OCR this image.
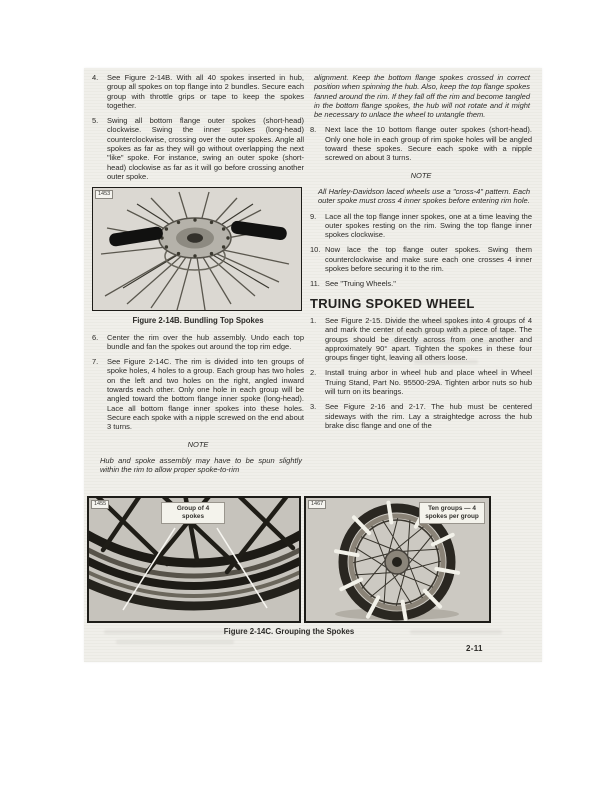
4.	See Figure 2-14B. With all 40 spokes inserted in hub, group all spokes on top flange into 2 bundles. Secure each group with throttle grips or tape to keep the spokes together.
5.	Swing all bottom flange outer spokes (short-head) clockwise. Swing the inner spokes (long-head) counterclockwise, crossing over the outer spokes. Angle all spokes as far as they will go without overlapping the next "like" spoke. For instance, swing an outer spoke (short-head) clockwise as far as it will go before crossing another outer spoke.
1453
Figure 2-14B. Bundling Top Spokes
6.	Center the rim over the hub assembly. Undo each top bundle and fan the spokes out around the top rim edge.
7.	See Figure 2-14C. The rim is divided into ten groups of spoke holes, 4 holes to a group. Each group has two holes on the left and two holes on the right, angled inward towards each other. Only one hole in each group will be angled toward the bottom flange inner spoke (long-head). Lace all bottom flange inner spokes into these holes. Secure each spoke with a nipple screwed on the end about 3 turns.
NOTE
Hub and spoke assembly may have to be spun slightly within the rim to allow proper spoke-to-rim
alignment. Keep the bottom flange spokes crossed in correct position when spinning the hub. Also, keep the top flange spokes fanned around the rim. If they fall off the rim and become tangled in the bottom flange spokes, the hub will not rotate and it might be necessary to unlace the wheel to untangle them.
8.	Next lace the 10 bottom flange outer spokes (short-head). Only one hole in each group of rim spoke holes will be angled toward these spokes. Secure each spoke with a nipple screwed on about 3 turns.
NOTE
All Harley-Davidson laced wheels use a "cross-4" pattern. Each outer spoke must cross 4 inner spokes before entering rim hole.
9.	Lace all the top flange inner spokes, one at a time leaving the outer spokes resting on the rim. Swing the top flange inner spokes clockwise.
10. Now lace the top flange outer spokes. Swing them counterclockwise and make sure each one crosses 4 inner spokes before securing it to the rim.
11. See "Truing Wheels."
TRUING SPOKED WHEEL
1.	See Figure 2-15. Divide the wheel spokes into 4 groups of 4 and mark the center of each group with a piece of tape. The groups should be directly across from one another and approximately 90° apart. Tighten the spokes in these four groups finger tight, leaving all others loose.
2.	Install truing arbor in wheel hub and place wheel in Wheel Truing Stand, Part No. 95500-29A. Tighten arbor nuts so hub will turn on its bearings.
3.	See Figure 2-16 and 2-17. The hub must be centered sideways with the rim. Lay a straightedge across the hub brake disc flange and one of the
1455
Group of 4 spokes
1467
Ten groups — 4 spokes per group
Figure 2-14C. Grouping the Spokes
2-11
